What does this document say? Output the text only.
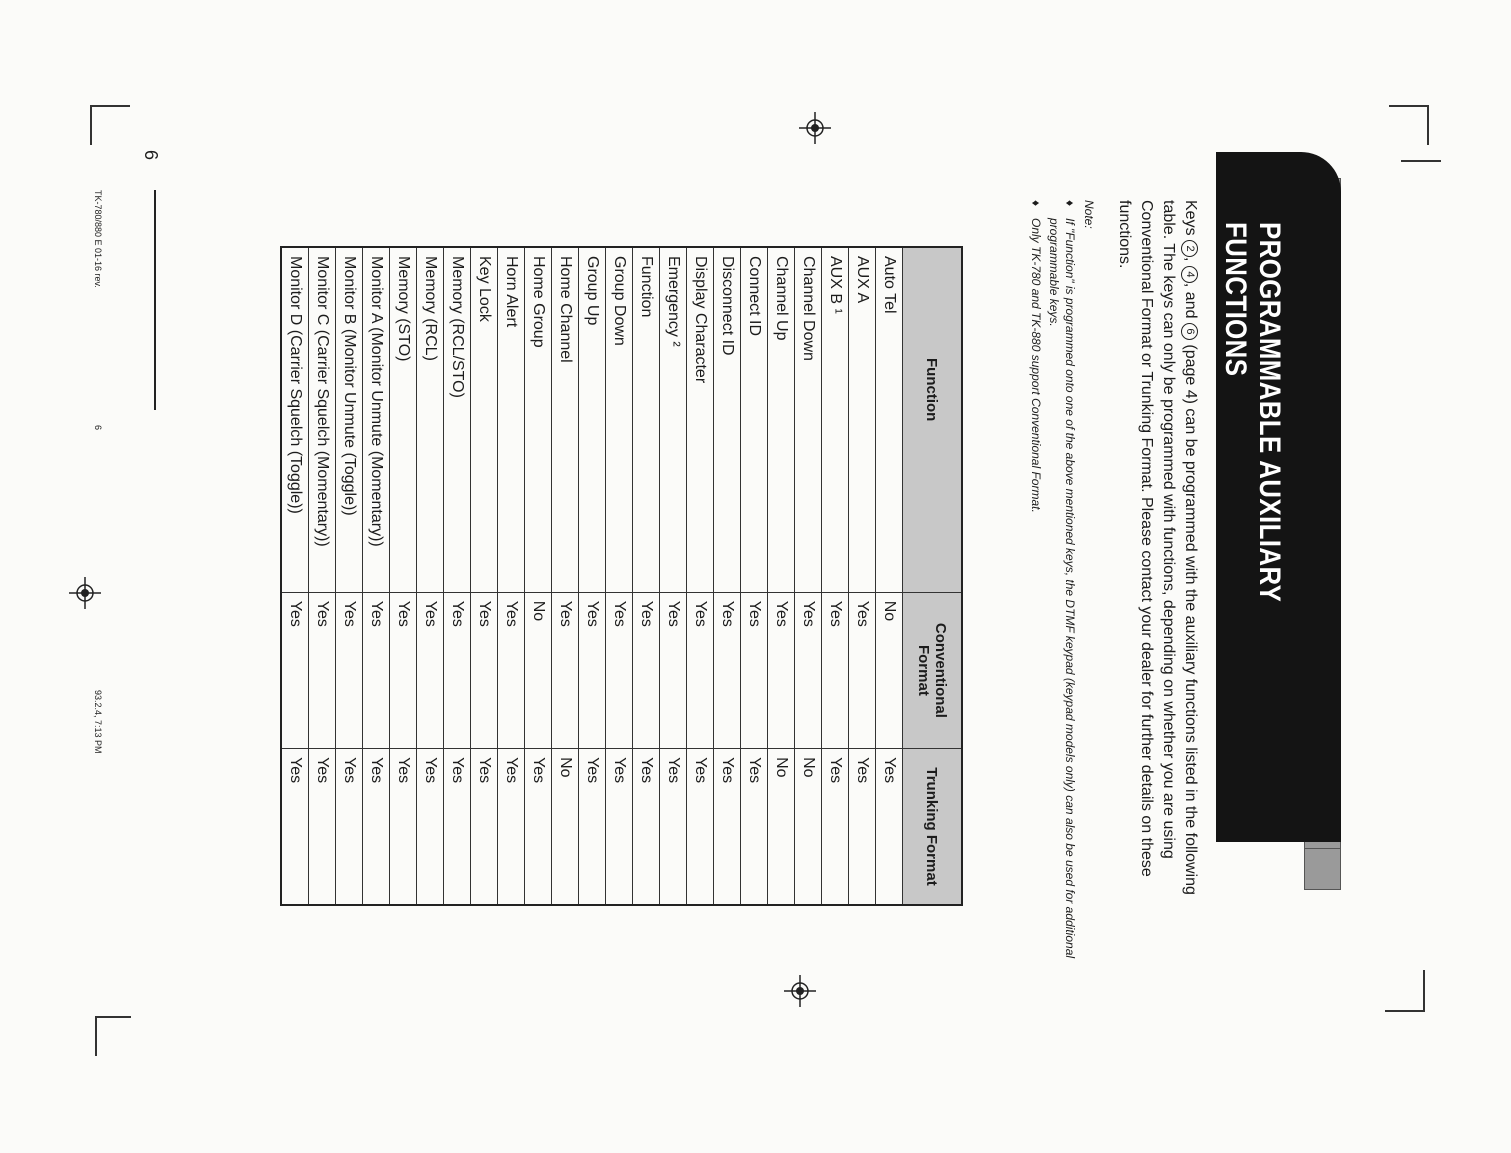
PROGRAMMABLE AUXILIARY FUNCTIONS
Keys 2, 4, and 6 (page 4) can be programmed with the auxiliary functions listed in the following table. The keys can only be programmed with functions, depending on whether you are using Conventional Format or Trunking Format. Please contact your dealer for further details on these functions.
Note:
♦
If "Function" is programmed onto one of the above mentioned keys, the DTMF keypad (keypad models only) can also be used for additional programmable keys.
♦
Only TK-780 and TK-880 support Conventional Format.
Function	Conventional Format	Trunking Format
Auto Tel	No	Yes
AUX A	Yes	Yes
AUX B ¹	Yes	Yes
Channel Down	Yes	No
Channel Up	Yes	No
Connect ID	Yes	Yes
Disconnect ID	Yes	Yes
Display Character	Yes	Yes
Emergency ²	Yes	Yes
Function	Yes	Yes
Group Down	Yes	Yes
Group Up	Yes	Yes
Home Channel	Yes	No
Home Group	No	Yes
Horn Alert	Yes	Yes
Key Lock	Yes	Yes
Memory (RCL/STO)	Yes	Yes
Memory (RCL)	Yes	Yes
Memory (STO)	Yes	Yes
Monitor A (Monitor Unmute (Momentary))	Yes	Yes
Monitor B (Monitor Unmute (Toggle))	Yes	Yes
Monitor C (Carrier Squelch (Momentary))	Yes	Yes
Monitor D (Carrier Squelch (Toggle))	Yes	Yes
6
TK-780/880 E 01-16 rev.
6
93.2.4, 7:13 PM
